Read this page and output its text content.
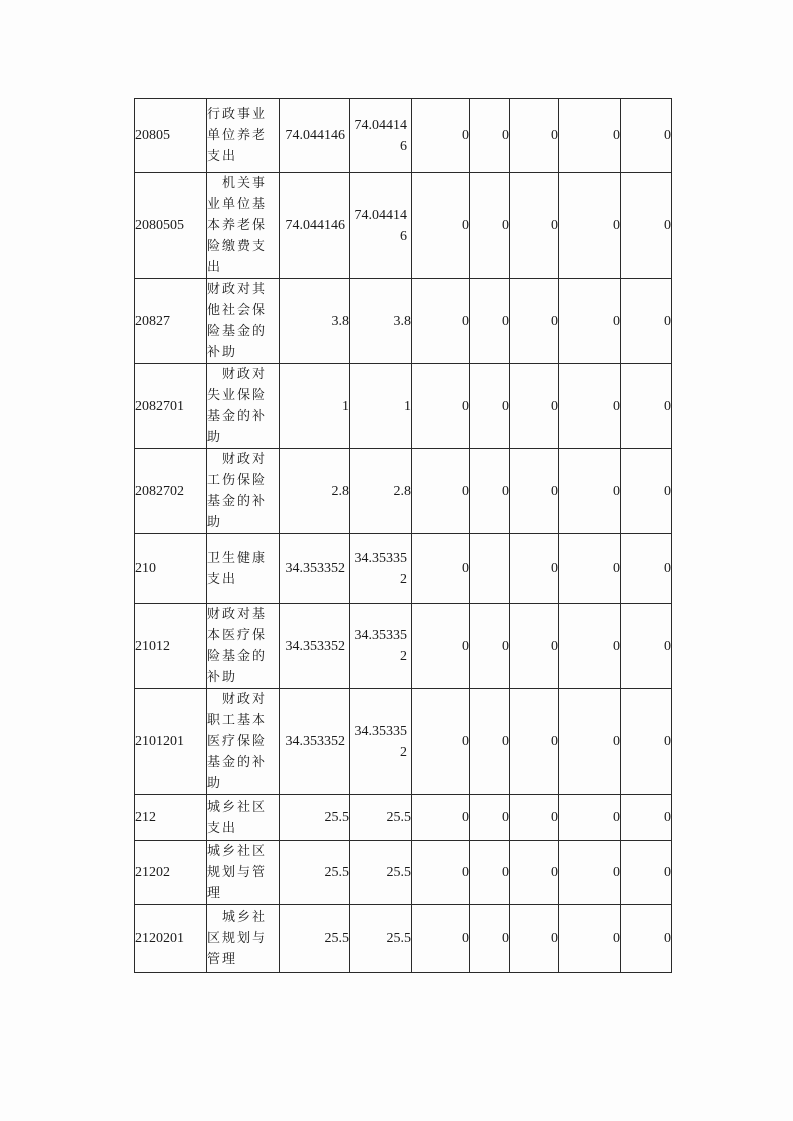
20805	行政事业单位养老支出	74.044146	74.044146	0	0	0	0	0
2080505	　机关事业单位基本养老保险缴费支出	74.044146	74.044146	0	0	0	0	0
20827	财政对其他社会保险基金的补助	3.8	3.8	0	0	0	0	0
2082701	　财政对失业保险基金的补助	1	1	0	0	0	0	0
2082702	　财政对工伤保险基金的补助	2.8	2.8	0	0	0	0	0
210	卫生健康支出	34.353352	34.353352	0		0	0	0
21012	财政对基本医疗保险基金的补助	34.353352	34.353352	0	0	0	0	0
2101201	　财政对职工基本医疗保险基金的补助	34.353352	34.353352	0	0	0	0	0
212	城乡社区支出	25.5	25.5	0	0	0	0	0
21202	城乡社区规划与管理	25.5	25.5	0	0	0	0	0
2120201	　城乡社区规划与管理	25.5	25.5	0	0	0	0	0
